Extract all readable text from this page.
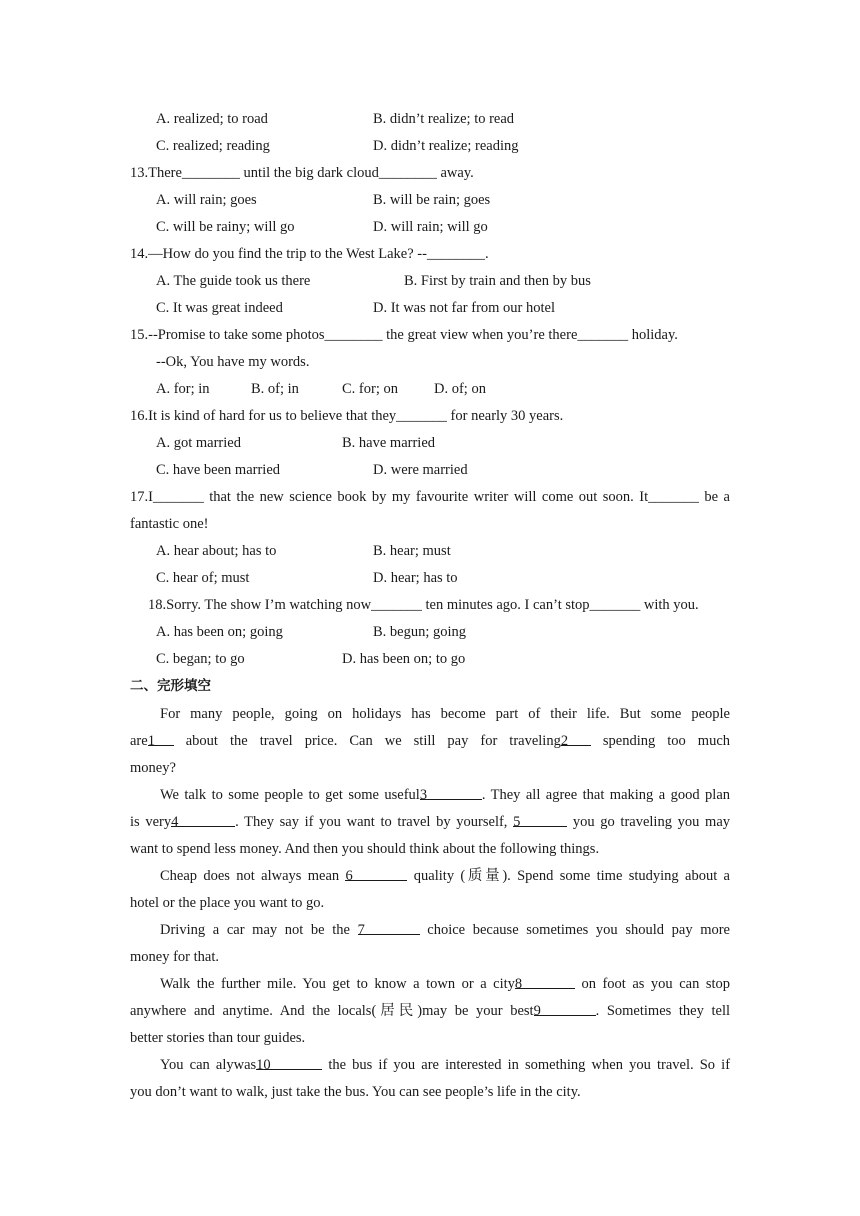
A. realized; to road	B. didn’t realize; to read
C. realized; reading	D. didn’t realize; reading
13.There________ until the big dark cloud________ away.
A. will rain; goes	B. will be rain; goes
C. will be rainy; will go	D. will rain; will go
14.—How do you find the trip to the West Lake? --________.
A. The guide took us there	B. First by train and then by bus
C. It was great indeed	D. It was not far from our hotel
15.--Promise to take some photos________ the great view when you’re there_______ holiday.
--Ok, You have my words.
A. for; in	B. of; in	C. for; on D. of; on
16.It is kind of hard for us to believe that they_______ for nearly 30 years.
A. got married	B. have married
C. have been married	D. were married
17.I_______ that the new science book by my favourite writer will come out soon. It_______ be a
fantastic one!
A. hear about; has to	B. hear; must
C. hear of; must	D. hear; has to
18.Sorry. The show I’m watching now_______ ten minutes ago. I can’t stop_______ with you.
A. has been on; going	B. begun; going
C. began; to go	D. has been on; to go
二、完形填空
For many people, going on holidays has become part of their life. But some people
are1 about the travel price. Can we still pay for traveling2 spending too much
money?
We talk to some people to get some useful3	. They all agree that making a good plan
is very4	. They say if you want to travel by yourself, 5	you go traveling you may
want to spend less money. And then you should think about the following things.
Cheap does not always mean 6	quality (质量). Spend some time studying about a
hotel or the place you want to go.
Driving a car may not be the 7	choice because sometimes you should pay more
money for that.
Walk the further mile. You get to know a town or a city8	on foot as you can stop
anywhere and anytime. And the locals(居民)may be your best9	. Sometimes they tell
better stories than tour guides.
You can alywas10	the bus if you are interested in something when you travel. So if
you don’t want to walk, just take the bus. You can see people’s life in the city.
